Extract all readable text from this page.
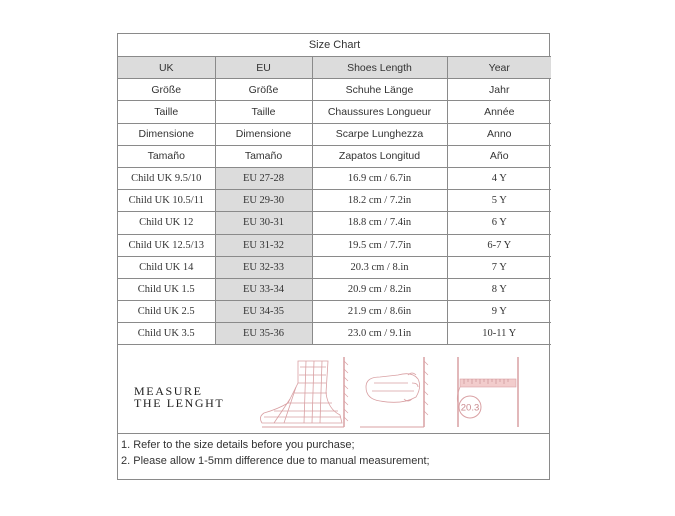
Size Chart			
UK	EU	Shoes Length	Year
Größe	Größe	Schuhe Länge	Jahr
Taille	Taille	Chaussures Longueur	Année
Dimensione	Dimensione	Scarpe Lunghezza	Anno
Tamaño	Tamaño	Zapatos Longitud	Año
Child UK 9.5/10	EU 27-28	16.9 cm / 6.7in	4 Y
Child UK 10.5/11	EU 29-30	18.2 cm / 7.2in	5 Y
Child UK 12	EU 30-31	18.8 cm / 7.4in	6 Y
Child UK 12.5/13	EU 31-32	19.5 cm / 7.7in	6-7 Y
Child UK 14	EU 32-33	20.3 cm / 8.in	7 Y
Child UK 1.5	EU 33-34	20.9 cm / 8.2in	8 Y
Child UK 2.5	EU 34-35	21.9 cm / 8.6in	9 Y
Child UK 3.5	EU 35-36	23.0 cm / 9.1in	10-11 Y
MEASURE
THE LENGHT	20.3
1. Refer to the size details before you purchase;
2. Please allow 1-5mm difference due to manual measurement;
